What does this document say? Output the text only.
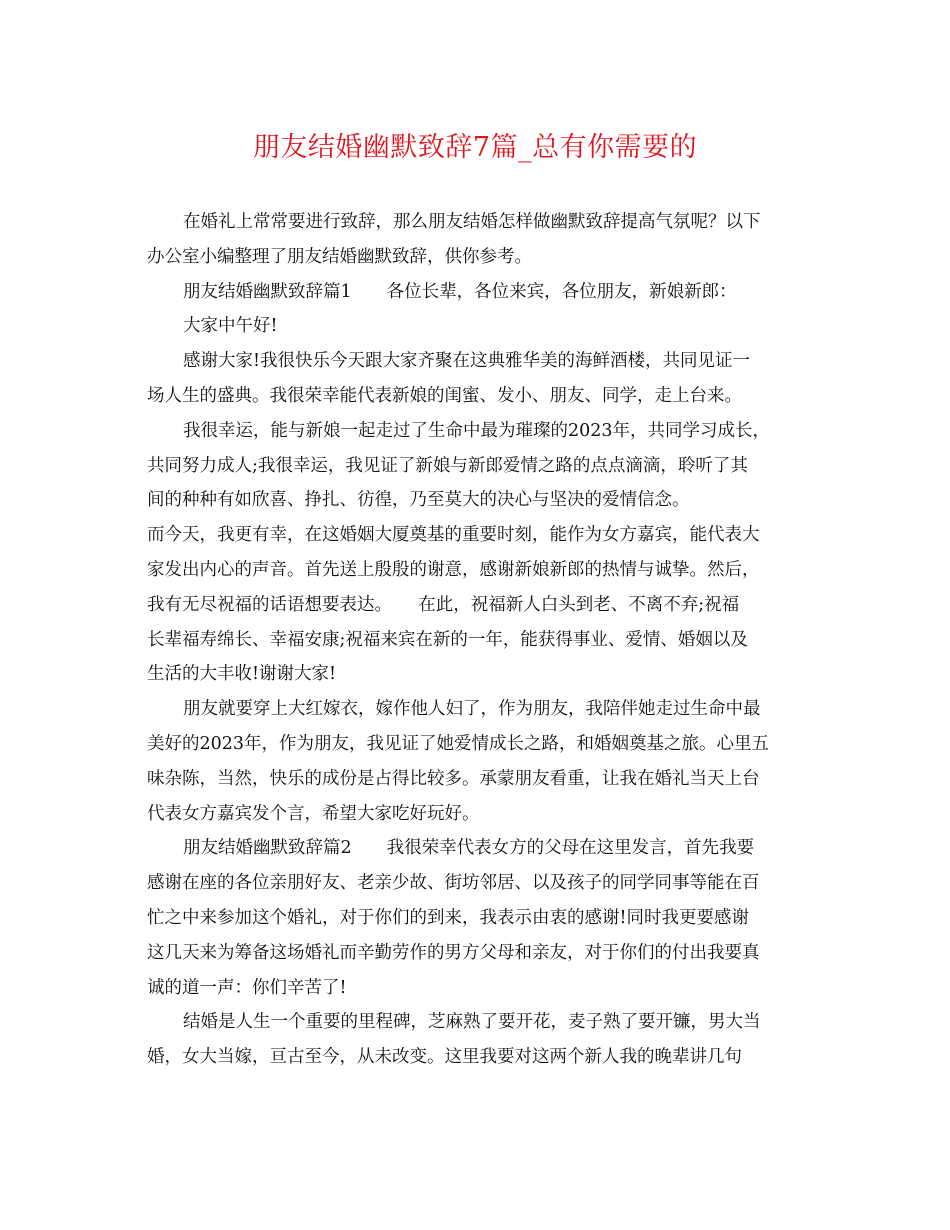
朋友结婚幽默致辞7篇_总有你需要的
在婚礼上常常要进行致辞，那么朋友结婚怎样做幽默致辞提高气氛呢？以下
办公室小编整理了朋友结婚幽默致辞，供你参考。
朋友结婚幽默致辞篇1　　各位长辈，各位来宾，各位朋友，新娘新郎：
大家中午好!
感谢大家!我很快乐今天跟大家齐聚在这典雅华美的海鲜酒楼，共同见证一
场人生的盛典。我很荣幸能代表新娘的闺蜜、发小、朋友、同学，走上台来。
我很幸运，能与新娘一起走过了生命中最为璀璨的2023年，共同学习成长，
共同努力成人;我很幸运，我见证了新娘与新郎爱情之路的点点滴滴，聆听了其
间的种种有如欣喜、挣扎、彷徨，乃至莫大的决心与坚决的爱情信念。
而今天，我更有幸，在这婚姻大厦奠基的重要时刻，能作为女方嘉宾，能代表大
家发出内心的声音。首先送上殷殷的谢意，感谢新娘新郎的热情与诚挚。然后，
我有无尽祝福的话语想要表达。　　在此，祝福新人白头到老、不离不弃;祝福
长辈福寿绵长、幸福安康;祝福来宾在新的一年，能获得事业、爱情、婚姻以及
生活的大丰收!谢谢大家!
朋友就要穿上大红嫁衣，嫁作他人妇了，作为朋友，我陪伴她走过生命中最
美好的2023年，作为朋友，我见证了她爱情成长之路，和婚姻奠基之旅。心里五
味杂陈，当然，快乐的成份是占得比较多。承蒙朋友看重，让我在婚礼当天上台
代表女方嘉宾发个言，希望大家吃好玩好。
朋友结婚幽默致辞篇2　　我很荣幸代表女方的父母在这里发言，首先我要
感谢在座的各位亲朋好友、老亲少故、街坊邻居、以及孩子的同学同事等能在百
忙之中来参加这个婚礼，对于你们的到来，我表示由衷的感谢!同时我更要感谢
这几天来为筹备这场婚礼而辛勤劳作的男方父母和亲友，对于你们的付出我要真
诚的道一声：你们辛苦了!
结婚是人生一个重要的里程碑，芝麻熟了要开花，麦子熟了要开镰，男大当
婚，女大当嫁，亘古至今，从未改变。这里我要对这两个新人我的晚辈讲几句
